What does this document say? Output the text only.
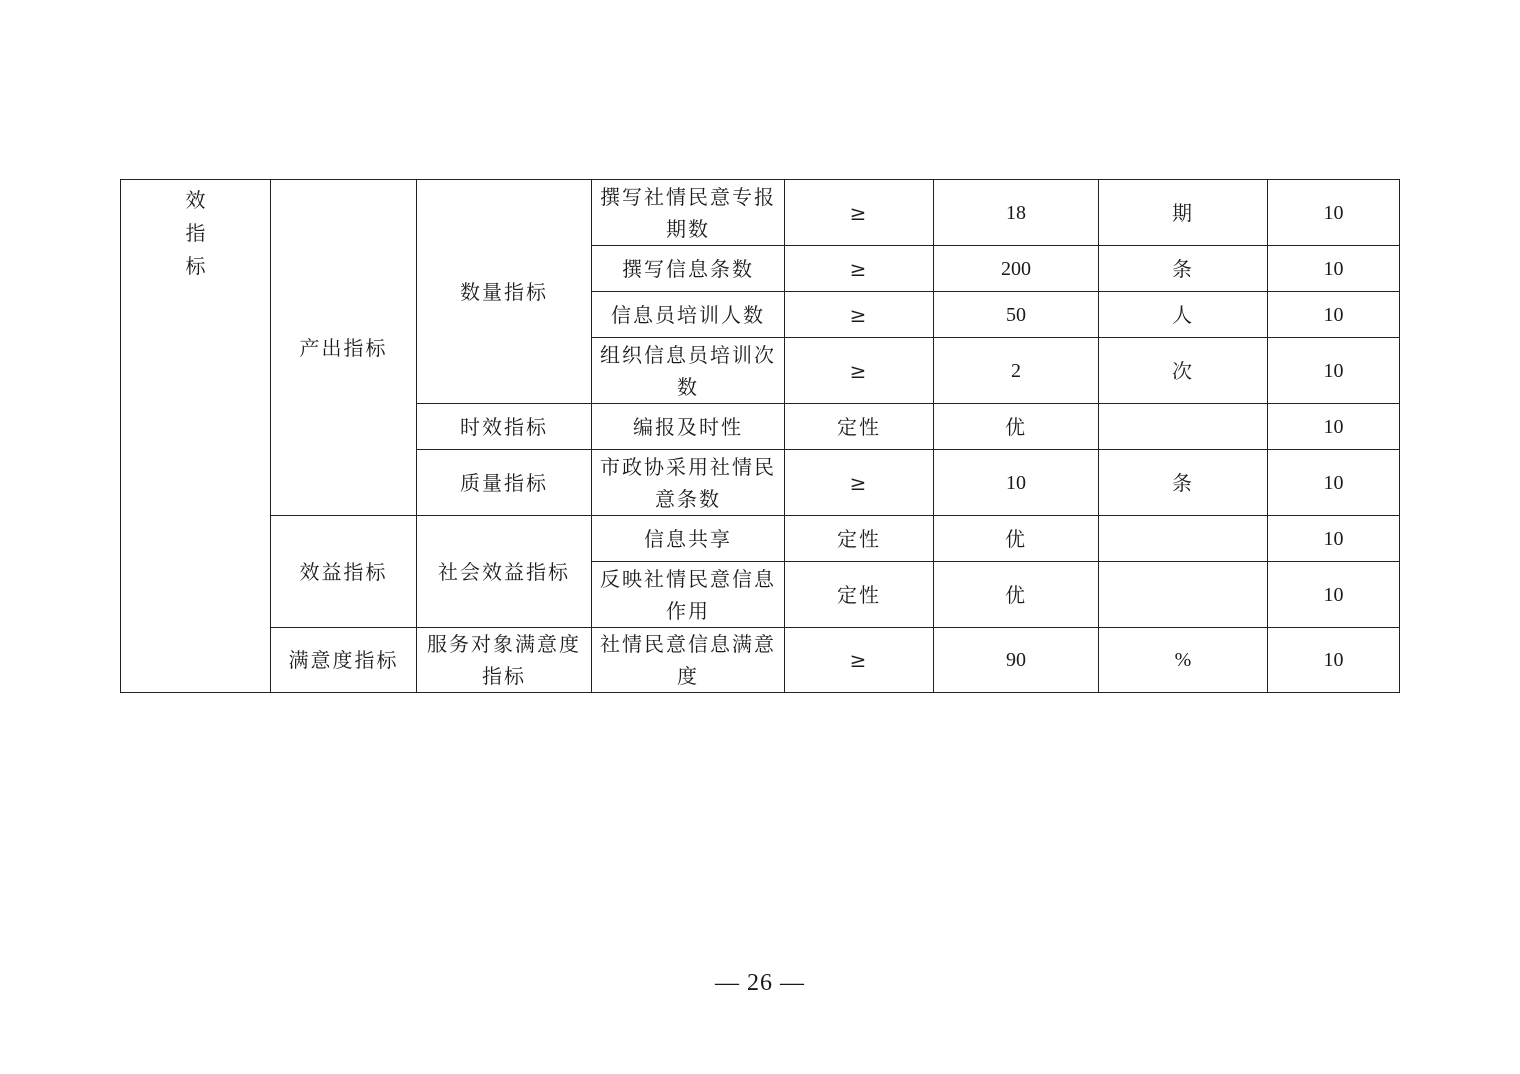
效指标	产出指标	数量指标	撰写社情民意专报期数	≥	18	期	10
			撰写信息条数	≥	200	条	10
			信息员培训人数	≥	50	人	10
			组织信息员培训次数	≥	2	次	10
		时效指标	编报及时性	定性	优		10
		质量指标	市政协采用社情民意条数	≥	10	条	10
	效益指标	社会效益指标	信息共享	定性	优		10
			反映社情民意信息作用	定性	优		10
	满意度指标	服务对象满意度指标	社情民意信息满意度	≥	90	%	10
— 26 —
